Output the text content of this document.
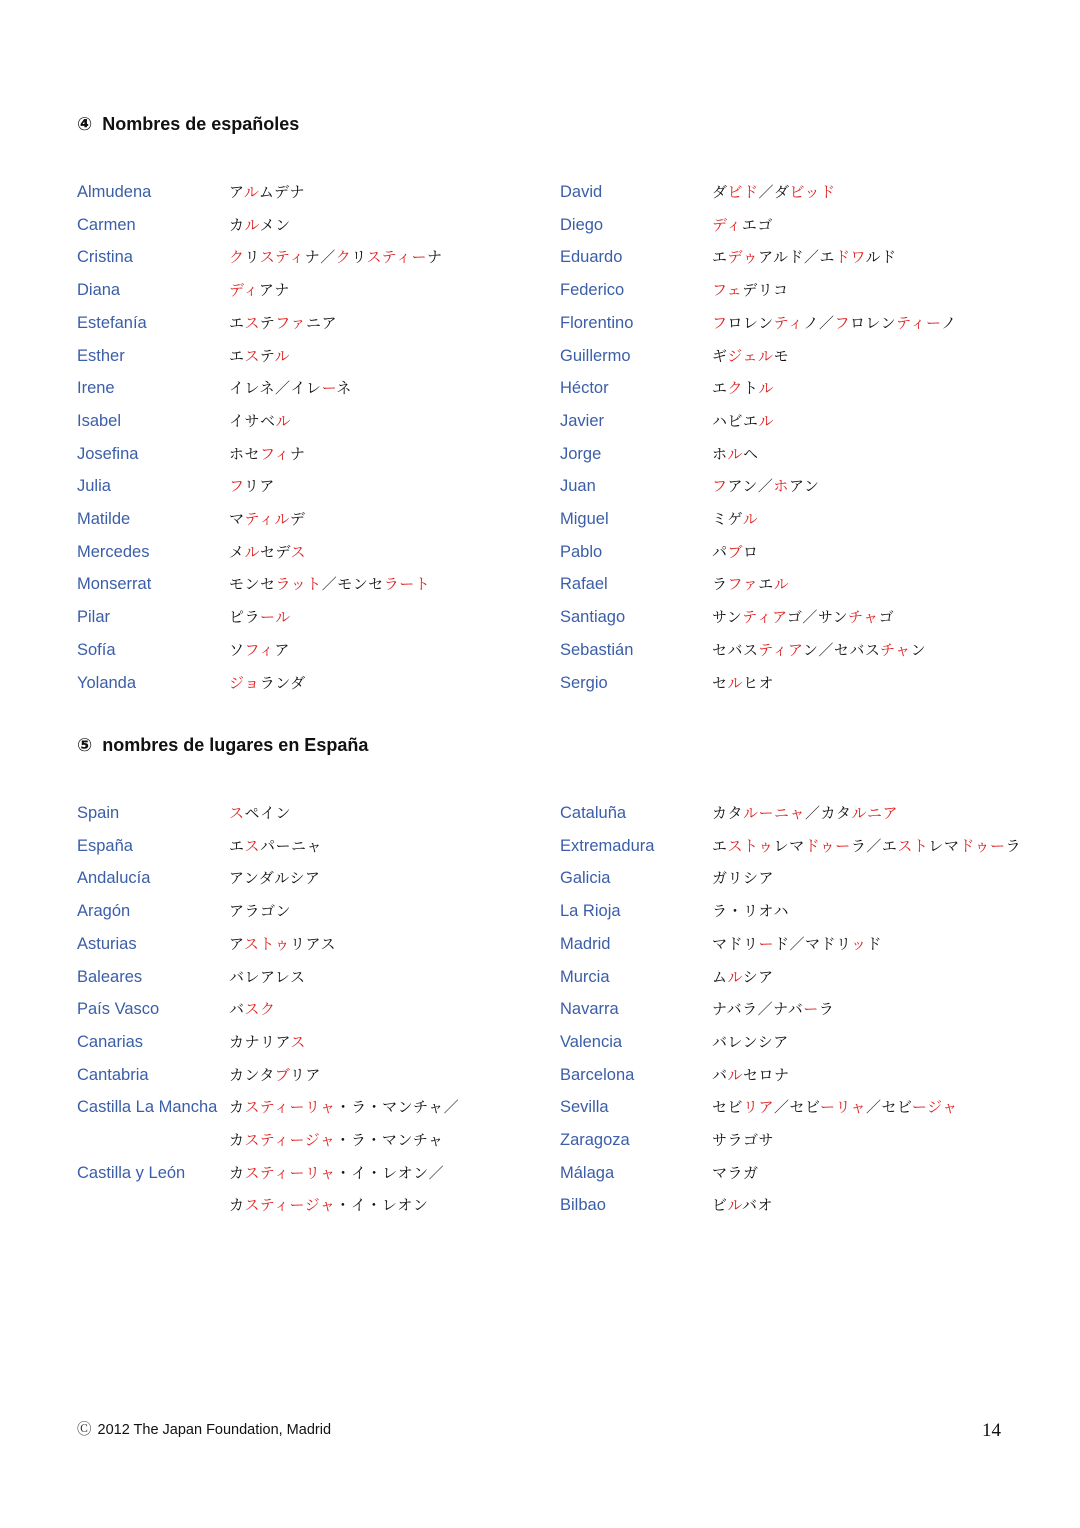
④ Nombres de españoles
Almudena	アルムデナ
Carmen	カルメン
Cristina	クリスティナ／クリスティーナ
Diana	ディアナ
Estefanía	エステファニア
Esther	エステル
Irene	イレネ／イレーネ
Isabel	イサベル
Josefina	ホセフィナ
Julia	フリア
Matilde	マティルデ
Mercedes	メルセデス
Monserrat	モンセラット／モンセラート
Pilar	ピラール
Sofía	ソフィア
Yolanda	ジョランダ
David	ダビド／ダビッド
Diego	ディエゴ
Eduardo	エデゥアルド／エドワルド
Federico	フェデリコ
Florentino	フロレンティノ／フロレンティーノ
Guillermo	ギジェルモ
Héctor	エクトル
Javier	ハビエル
Jorge	ホルヘ
Juan	フアン／ホアン
Miguel	ミゲル
Pablo	パブロ
Rafael	ラファエル
Santiago	サンティアゴ／サンチャゴ
Sebastián	セバスティアン／セバスチャン
Sergio	セルヒオ
⑤ nombres de lugares en España
Spain	スペイン
España	エスパーニャ
Andalucía	アンダルシア
Aragón	アラゴン
Asturias	アストゥリアス
Baleares	バレアレス
País Vasco	バスク
Canarias	カナリアス
Cantabria	カンタブリア
Castilla La Mancha カスティーリャ・ラ・マンチャ／
カスティージャ・ラ・マンチャ
Castilla y León	カスティーリャ・イ・レオン／
カスティージャ・イ・レオン
Cataluña	カタルーニャ／カタルニア
Extremadura	エストゥレマドゥーラ／エストレマドゥーラ
Galicia	ガリシア
La Rioja	ラ・リオハ
Madrid	マドリード／マドリッド
Murcia	ムルシア
Navarra	ナバラ／ナバーラ
Valencia	バレンシア
Barcelona	バルセロナ
Sevilla	セビリア／セビーリャ／セビージャ
Zaragoza	サラゴサ
Málaga	マラガ
Bilbao	ビルバオ
Ⓒ 2012 The Japan Foundation, Madrid	14
